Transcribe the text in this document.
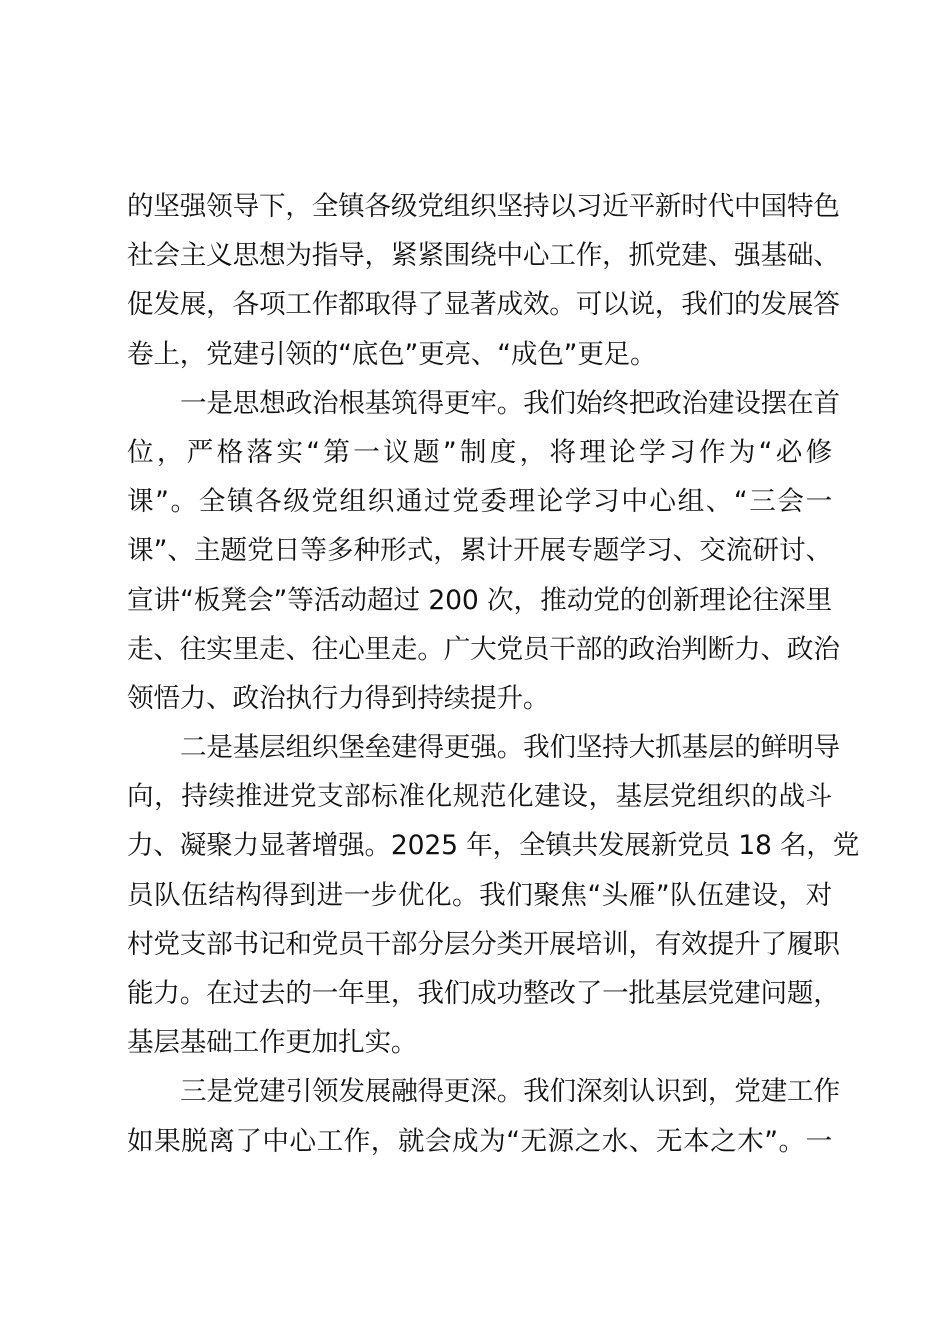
的坚强领导下，全镇各级党组织坚持以习近平新时代中国特色
社会主义思想为指导，紧紧围绕中心工作，抓党建、强基础、
促发展，各项工作都取得了显著成效。可以说，我们的发展答
卷上，党建引领的“底色”更亮、“成色”更足。
一是思想政治根基筑得更牢。我们始终把政治建设摆在首
位，严格落实“第一议题”制度，将理论学习作为“必修
课”。全镇各级党组织通过党委理论学习中心组、“三会一
课”、主题党日等多种形式，累计开展专题学习、交流研讨、
宣讲“板凳会”等活动超过 200 次，推动党的创新理论往深里
走、往实里走、往心里走。广大党员干部的政治判断力、政治
领悟力、政治执行力得到持续提升。
二是基层组织堡垒建得更强。我们坚持大抓基层的鲜明导
向，持续推进党支部标准化规范化建设，基层党组织的战斗
力、凝聚力显著增强。2025 年，全镇共发展新党员 18 名，党
员队伍结构得到进一步优化。我们聚焦“头雁”队伍建设，对
村党支部书记和党员干部分层分类开展培训，有效提升了履职
能力。在过去的一年里，我们成功整改了一批基层党建问题，
基层基础工作更加扎实。
三是党建引领发展融得更深。我们深刻认识到，党建工作
如果脱离了中心工作，就会成为“无源之水、无本之木”。一
